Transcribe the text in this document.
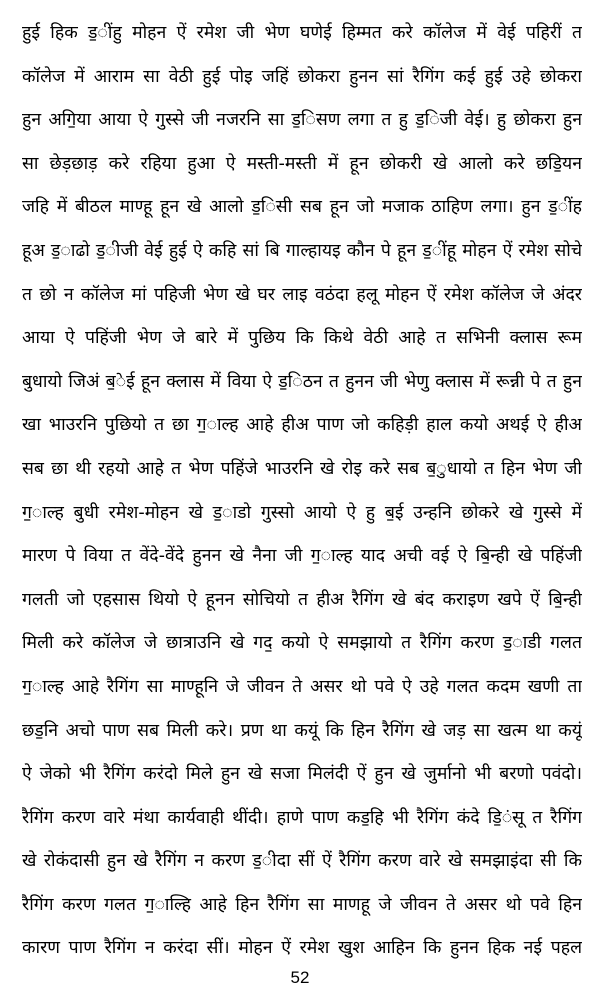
हुई हिक ड॒ींहु मोहन ऐं रमेश जी भेण घणेई हिम्मत करे कॉलेज में वेई पहिरीं त
कॉलेज में आराम सा वेठी हुई पोइ जहिं छोकरा हुनन सां रैगिंग कई हुई उहे छोकरा
हुन अगि॒या आया ऐ गुस्से जी नजरनि सा ड॒िसण लगा त हु ड॒िजी वेई। हु छोकरा हुन
सा छेड़छाड़ करे रहिया हुआ ऐ मस्ती-मस्ती में हून छोकरी खे आलो करे छडि॒यन
जहि में बीठल माण्हू हून खे आलो ड॒िसी सब हून जो मजाक ठाहिण लगा। हुन ड॒ींह
हूअ ड॒ाढो ड॒ीजी वेई हुई ऐ कहि सां बि गाल्हायइ कौन पे हून ड॒ींहू मोहन ऐं रमेश सोचे
त छो न कॉलेज मां पहिजी भेण खे घर लाइ वठंदा हलू मोहन ऐं रमेश कॉलेज जे अंदर
आया ऐ पहिंजी भेण जे बारे में पुछिय कि किथे वेठी आहे त सभिनी क्लास रूम
बुधायो जिअं ब॒ेई हून क्लास में विया ऐ ड॒िठन त हुनन जी भेणु क्लास में रून्नी पे त हुन
खा भाउरनि पुछियो त छा ग॒ाल्ह आहे हीअ पाण जो कहिड़ी हाल कयो अथई ऐ हीअ
सब छा थी रहयो आहे त भेण पहिंजे भाउरनि खे रोइ करे सब ब॒ुधायो त हिन भेण जी
ग॒ाल्ह बुधी रमेश-मोहन खे ड॒ाडो गुस्सो आयो ऐ हु ब॒ई उन्हनि छोकरे खे गुस्से में
मारण पे विया त वेंदे-वेंदे हुनन खे नैना जी ग॒ाल्ह याद अची वई ऐ बि॒न्ही खे पहिंजी
गलती जो एहसास थियो ऐ हूनन सोचियो त हीअ रैगिंग खे बंद कराइण खपे ऐं बि॒न्ही
मिली करे कॉलेज जे छात्राउनि खे गद॒ कयो ऐ समझायो त रैगिंग करण ड॒ाडी गलत
ग॒ाल्ह आहे रैगिंग सा माण्हूनि जे जीवन ते असर थो पवे ऐ उहे गलत कदम खणी ता
छड॒नि अचो पाण सब मिली करे। प्रण था कयूं कि हिन रैगिंग खे जड़ सा खत्म था कयूं
ऐ जेको भी रैगिंग करंदो मिले हुन खे सजा मिलंदी ऐं हुन खे जुर्मानो भी बरणो पवंदो।
रैगिंग करण वारे मंथा कार्यवाही थींदी। हाणे पाण कड॒हि भी रैगिंग कंदे डि॒ंसू त रैगिंग
खे रोकंदासी हुन खे रैगिंग न करण ड॒ीदा सीं ऐं रैगिंग करण वारे खे समझाइंदा सी कि
रैगिंग करण गलत ग॒ाल्हि आहे हिन रैगिंग सा माणहू जे जीवन ते असर थो पवे हिन
कारण पाण रैगिंग न करंदा सीं। मोहन ऐं रमेश खुश आहिन कि हुनन हिक नई पहल
52
